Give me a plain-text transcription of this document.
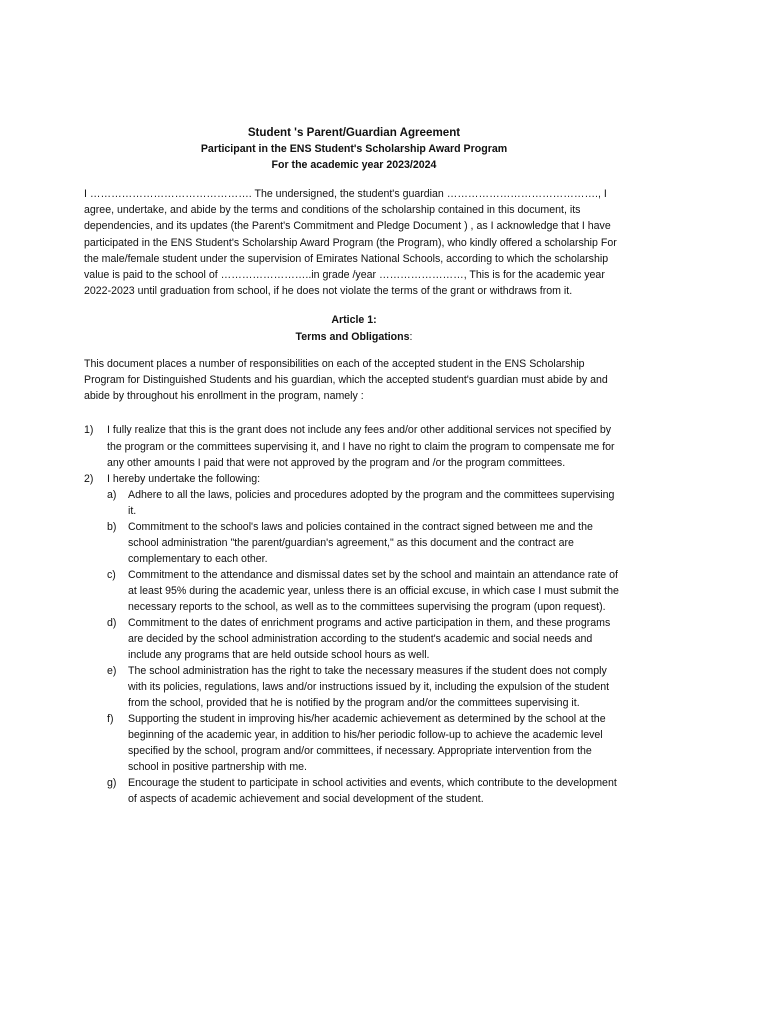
Student 's Parent/Guardian Agreement
Participant in the ENS Student's Scholarship Award Program
For the academic year 2023/2024

I ………………………………………. The undersigned, the student's guardian ……………………………………., I agree, undertake, and abide by the terms and conditions of the scholarship contained in this document, its dependencies, and its updates (the Parent's Commitment and Pledge Document ) , as I acknowledge that I have participated in the ENS Student's Scholarship Award Program (the Program), who kindly offered a scholarship For the male/female student under the supervision of Emirates National Schools, according to which the scholarship value is paid to the school of ……………………..in grade /year ……………………, This is for the academic year 2022-2023 until graduation from school, if he does not violate the terms of the grant or withdraws from it.

Article 1:
Terms and Obligations:

This document places a number of responsibilities on each of the accepted student in the ENS Scholarship Program for Distinguished Students and his guardian, which the accepted student's guardian must abide by and abide by throughout his enrollment in the program, namely :

1) I fully realize that this is the grant does not include any fees and/or other additional services not specified by the program or the committees supervising it, and I have no right to claim the program to compensate me for any other amounts I paid that were not approved by the program and /or the program committees.
2) I hereby undertake the following:
a) Adhere to all the laws, policies and procedures adopted by the program and the committees supervising it.
b) Commitment to the school's laws and policies contained in the contract signed between me and the school administration "the parent/guardian's agreement," as this document and the contract are complementary to each other.
c) Commitment to the attendance and dismissal dates set by the school and maintain an attendance rate of at least 95% during the academic year, unless there is an official excuse, in which case I must submit the necessary reports to the school, as well as to the committees supervising the program (upon request).
d) Commitment to the dates of enrichment programs and active participation in them, and these programs are decided by the school administration according to the student's academic and social needs and include any programs that are held outside school hours as well.
e) The school administration has the right to take the necessary measures if the student does not comply with its policies, regulations, laws and/or instructions issued by it, including the expulsion of the student from the school, provided that he is notified by the program and/or the committees supervising it.
f) Supporting the student in improving his/her academic achievement as determined by the school at the beginning of the academic year, in addition to his/her periodic follow-up to achieve the academic level specified by the school, program and/or committees, if necessary. Appropriate intervention from the school in positive partnership with me.
g) Encourage the student to participate in school activities and events, which contribute to the development of aspects of academic achievement and social development of the student.
